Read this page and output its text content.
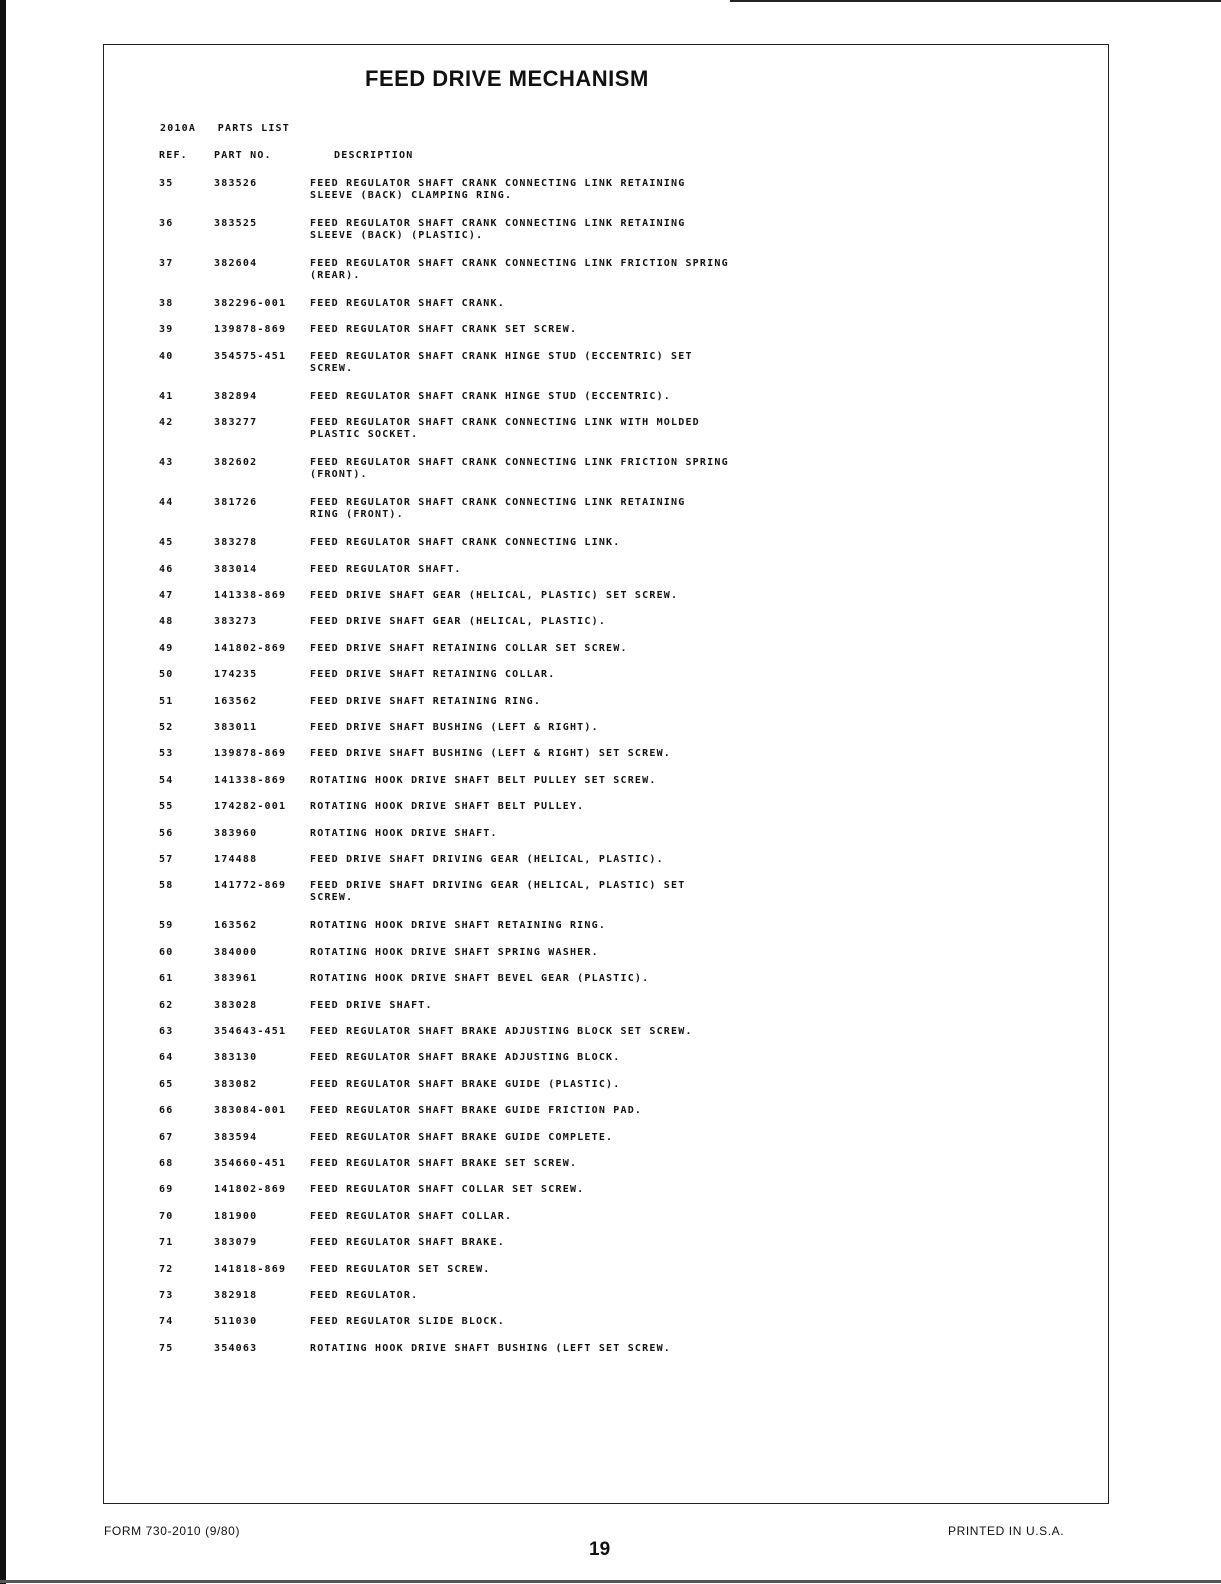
FEED DRIVE MECHANISM
2010A PARTS LIST
REF.	PART NO.	DESCRIPTION
35	383526	FEED REGULATOR SHAFT CRANK CONNECTING LINK RETAINING
SLEEVE (BACK) CLAMPING RING.
36	383525	FEED REGULATOR SHAFT CRANK CONNECTING LINK RETAINING
SLEEVE (BACK) (PLASTIC).
37	382604	FEED REGULATOR SHAFT CRANK CONNECTING LINK FRICTION SPRING
(REAR).
38	382296-001 FEED REGULATOR SHAFT CRANK.
39	139878-869 FEED REGULATOR SHAFT CRANK SET SCREW.
40	354575-451 FEED REGULATOR SHAFT CRANK HINGE STUD (ECCENTRIC) SET
SCREW.
41	382894	FEED REGULATOR SHAFT CRANK HINGE STUD (ECCENTRIC).
42	383277	FEED REGULATOR SHAFT CRANK CONNECTING LINK WITH MOLDED
PLASTIC SOCKET.
43	382602	FEED REGULATOR SHAFT CRANK CONNECTING LINK FRICTION SPRING
(FRONT).
44	381726	FEED REGULATOR SHAFT CRANK CONNECTING LINK RETAINING
RING (FRONT).
45	383278	FEED REGULATOR SHAFT CRANK CONNECTING LINK.
46	383014	FEED REGULATOR SHAFT.
47	141338-869 FEED DRIVE SHAFT GEAR (HELICAL, PLASTIC) SET SCREW.
48	383273	FEED DRIVE SHAFT GEAR (HELICAL, PLASTIC).
49	141802-869 FEED DRIVE SHAFT RETAINING COLLAR SET SCREW.
50	174235	FEED DRIVE SHAFT RETAINING COLLAR.
51	163562	FEED DRIVE SHAFT RETAINING RING.
52	383011	FEED DRIVE SHAFT BUSHING (LEFT & RIGHT).
53	139878-869 FEED DRIVE SHAFT BUSHING (LEFT & RIGHT) SET SCREW.
54	141338-869 ROTATING HOOK DRIVE SHAFT BELT PULLEY SET SCREW.
55	174282-001 ROTATING HOOK DRIVE SHAFT BELT PULLEY.
56	383960	ROTATING HOOK DRIVE SHAFT.
57	174488	FEED DRIVE SHAFT DRIVING GEAR (HELICAL, PLASTIC).
58	141772-869 FEED DRIVE SHAFT DRIVING GEAR (HELICAL, PLASTIC) SET
SCREW.
59	163562	ROTATING HOOK DRIVE SHAFT RETAINING RING.
60	384000	ROTATING HOOK DRIVE SHAFT SPRING WASHER.
61	383961	ROTATING HOOK DRIVE SHAFT BEVEL GEAR (PLASTIC).
62	383028	FEED DRIVE SHAFT.
63	354643-451 FEED REGULATOR SHAFT BRAKE ADJUSTING BLOCK SET SCREW.
64	383130	FEED REGULATOR SHAFT BRAKE ADJUSTING BLOCK.
65	383082	FEED REGULATOR SHAFT BRAKE GUIDE (PLASTIC).
66	383084-001 FEED REGULATOR SHAFT BRAKE GUIDE FRICTION PAD.
67	383594	FEED REGULATOR SHAFT BRAKE GUIDE COMPLETE.
68	354660-451 FEED REGULATOR SHAFT BRAKE SET SCREW.
69	141802-869 FEED REGULATOR SHAFT COLLAR SET SCREW.
70	181900	FEED REGULATOR SHAFT COLLAR.
71	383079	FEED REGULATOR SHAFT BRAKE.
72	141818-869 FEED REGULATOR SET SCREW.
73	382918	FEED REGULATOR.
74	511030	FEED REGULATOR SLIDE BLOCK.
75	354063	ROTATING HOOK DRIVE SHAFT BUSHING (LEFT SET SCREW.
FORM 730-2010 (9/80)
19
PRINTED IN U.S.A.
